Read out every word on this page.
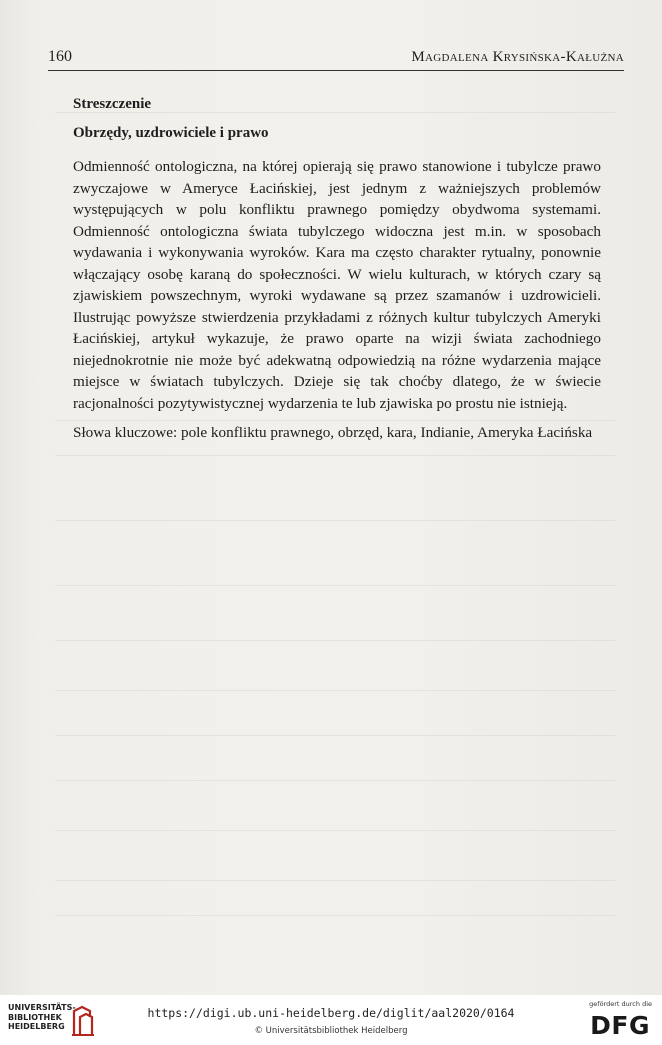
160	Magdalena Krysińska-Kałużna
Streszczenie
Obrzędy, uzdrowiciele i prawo

Odmienność ontologiczna, na której opierają się prawo stanowione i tubylcze prawo zwyczajowe w Ameryce Łacińskiej, jest jednym z ważniejszych problemów występujących w polu konfliktu prawnego pomiędzy obydwoma systemami. Odmienność ontologiczna świata tubylczego widoczna jest m.in. w sposobach wydawania i wykonywania wyroków. Kara ma często charakter rytualny, ponownie włączający osobę karaną do społeczności. W wielu kulturach, w których czary są zjawiskiem powszechnym, wyroki wydawane są przez szamanów i uzdrowicieli. Ilustrując powyższe stwierdzenia przykładami z różnych kultur tubylczych Ameryki Łacińskiej, artykuł wykazuje, że prawo oparte na wizji świata zachodniego niejednokrotnie nie może być adekwatną odpowiedzią na różne wydarzenia mające miejsce w światach tubylczych. Dzieje się tak choćby dlatego, że w świecie racjonalności pozytywistycznej wydarzenia te lub zjawiska po prostu nie istnieją.

Słowa kluczowe: pole konfliktu prawnego, obrzęd, kara, Indianie, Ameryka Łacińska

UNIVERSITÄTS-
BIBLIOTHEK
HEIDELBERG
https://digi.ub.uni-heidelberg.de/diglit/aal2020/0164
© Universitätsbibliothek Heidelberg
gefördert durch die
DFG
